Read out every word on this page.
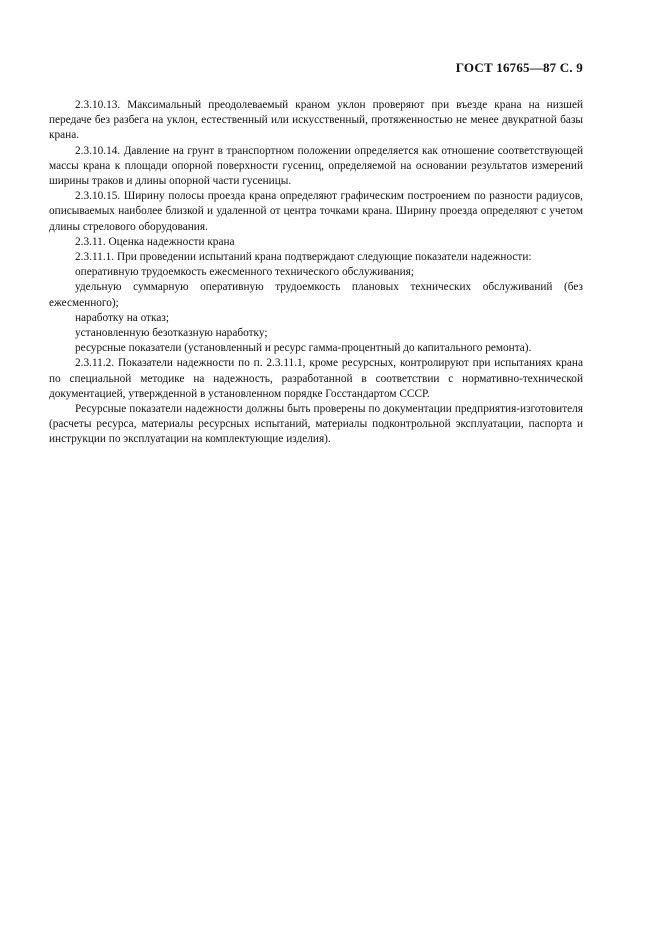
ГОСТ 16765—87 С. 9

2.3.10.13. Максимальный преодолеваемый краном уклон проверяют при въезде крана на низшей передаче без разбега на уклон, естественный или искусственный, протяженностью не менее двукратной базы крана.

2.3.10.14. Давление на грунт в транспортном положении определяется как отношение соответствующей массы крана к площади опорной поверхности гусениц, определяемой на основании результатов измерений ширины траков и длины опорной части гусеницы.

2.3.10.15. Ширину полосы проезда крана определяют графическим построением по разности радиусов, описываемых наиболее близкой и удаленной от центра точками крана. Ширину проезда определяют с учетом длины стрелового оборудования.

2.3.11. Оценка надежности крана

2.3.11.1. При проведении испытаний крана подтверждают следующие показатели надежности:

оперативную трудоемкость ежесменного технического обслуживания;

удельную суммарную оперативную трудоемкость плановых технических обслуживаний (без ежесменного);

наработку на отказ;

установленную безотказную наработку;

ресурсные показатели (установленный и ресурс гамма-процентный до капитального ремонта).

2.3.11.2. Показатели надежности по п. 2.3.11.1, кроме ресурсных, контролируют при испытаниях крана по специальной методике на надежность, разработанной в соответствии с нормативно-технической документацией, утвержденной в установленном порядке Госстандартом СССР.

Ресурсные показатели надежности должны быть проверены по документации предприятия-изготовителя (расчеты ресурса, материалы ресурсных испытаний, материалы подконтрольной эксплуатации, паспорта и инструкции по эксплуатации на комплектующие изделия).
